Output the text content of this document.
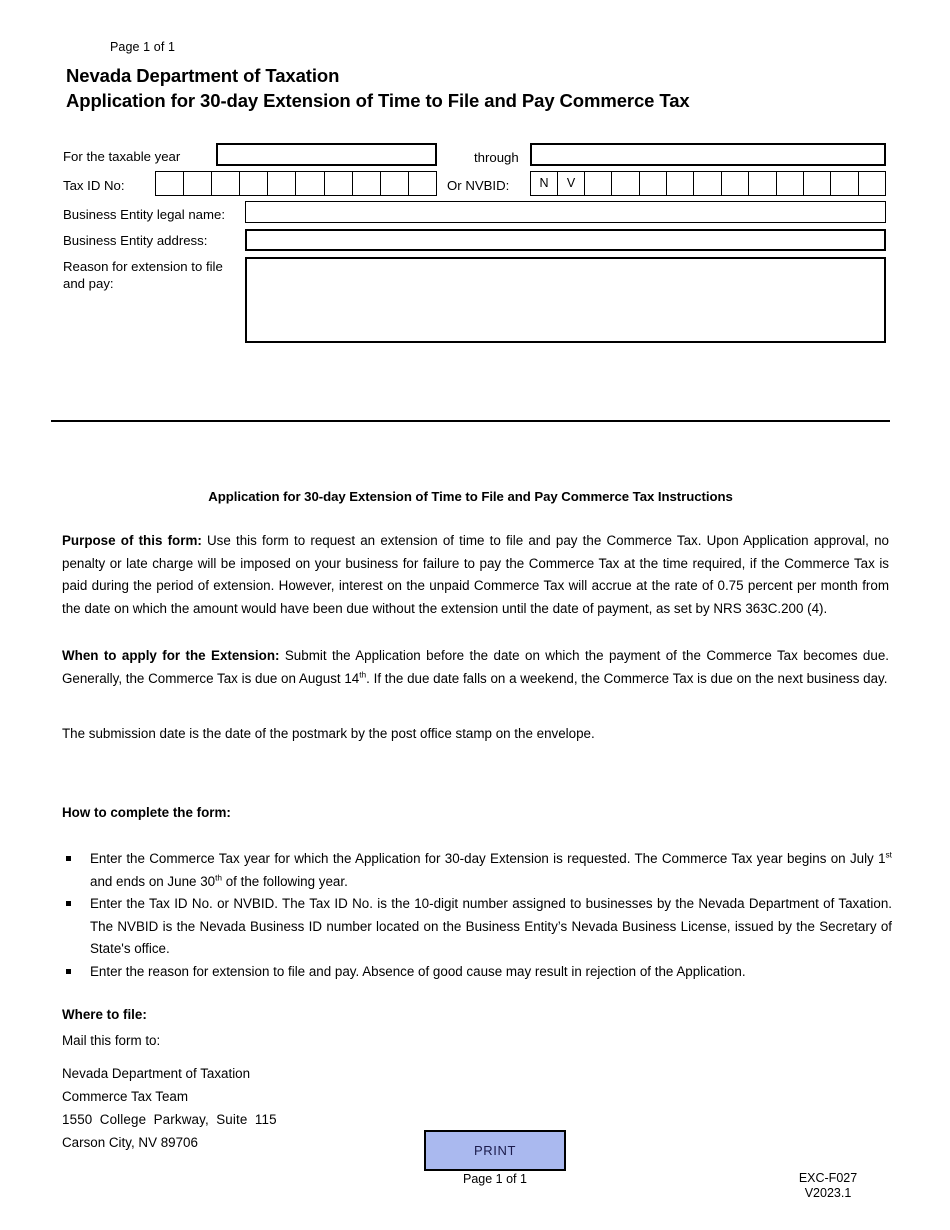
Page 1 of 1
Nevada Department of Taxation
Application for 30-day Extension of Time to File and Pay Commerce Tax
For the taxable year	through
Tax ID No:	Or NVBID:	N	V
Business Entity legal name:
Business Entity address:
Reason for extension to file
and pay:
Application for 30-day Extension of Time to File and Pay Commerce Tax Instructions
Purpose of this form: Use this form to request an extension of time to file and pay the Commerce Tax. Upon Application approval, no penalty or late charge will be imposed on your business for failure to pay the Commerce Tax at the time required, if the Commerce Tax is paid during the period of extension. However, interest on the unpaid Commerce Tax will accrue at the rate of 0.75 percent per month from the date on which the amount would have been due without the extension until the date of payment, as set by NRS 363C.200 (4).
When to apply for the Extension: Submit the Application before the date on which the payment of the Commerce Tax becomes due. Generally, the Commerce Tax is due on August 14th. If the due date falls on a weekend, the Commerce Tax is due on the next business day.
The submission date is the date of the postmark by the post office stamp on the envelope.
How to complete the form:
Enter the Commerce Tax year for which the Application for 30-day Extension is requested. The Commerce Tax year begins on July 1st and ends on June 30th of the following year.
Enter the Tax ID No. or NVBID. The Tax ID No. is the 10-digit number assigned to businesses by the Nevada Department of Taxation. The NVBID is the Nevada Business ID number located on the Business Entity’s Nevada Business License, issued by the Secretary of State's office.
Enter the reason for extension to file and pay. Absence of good cause may result in rejection of the Application.
Where to file:
Mail this form to:
Nevada Department of Taxation
Commerce Tax Team
1550 College Parkway, Suite 115
Carson City, NV 89706
PRINT
Page 1 of 1	EXC-F027
V2023.1
